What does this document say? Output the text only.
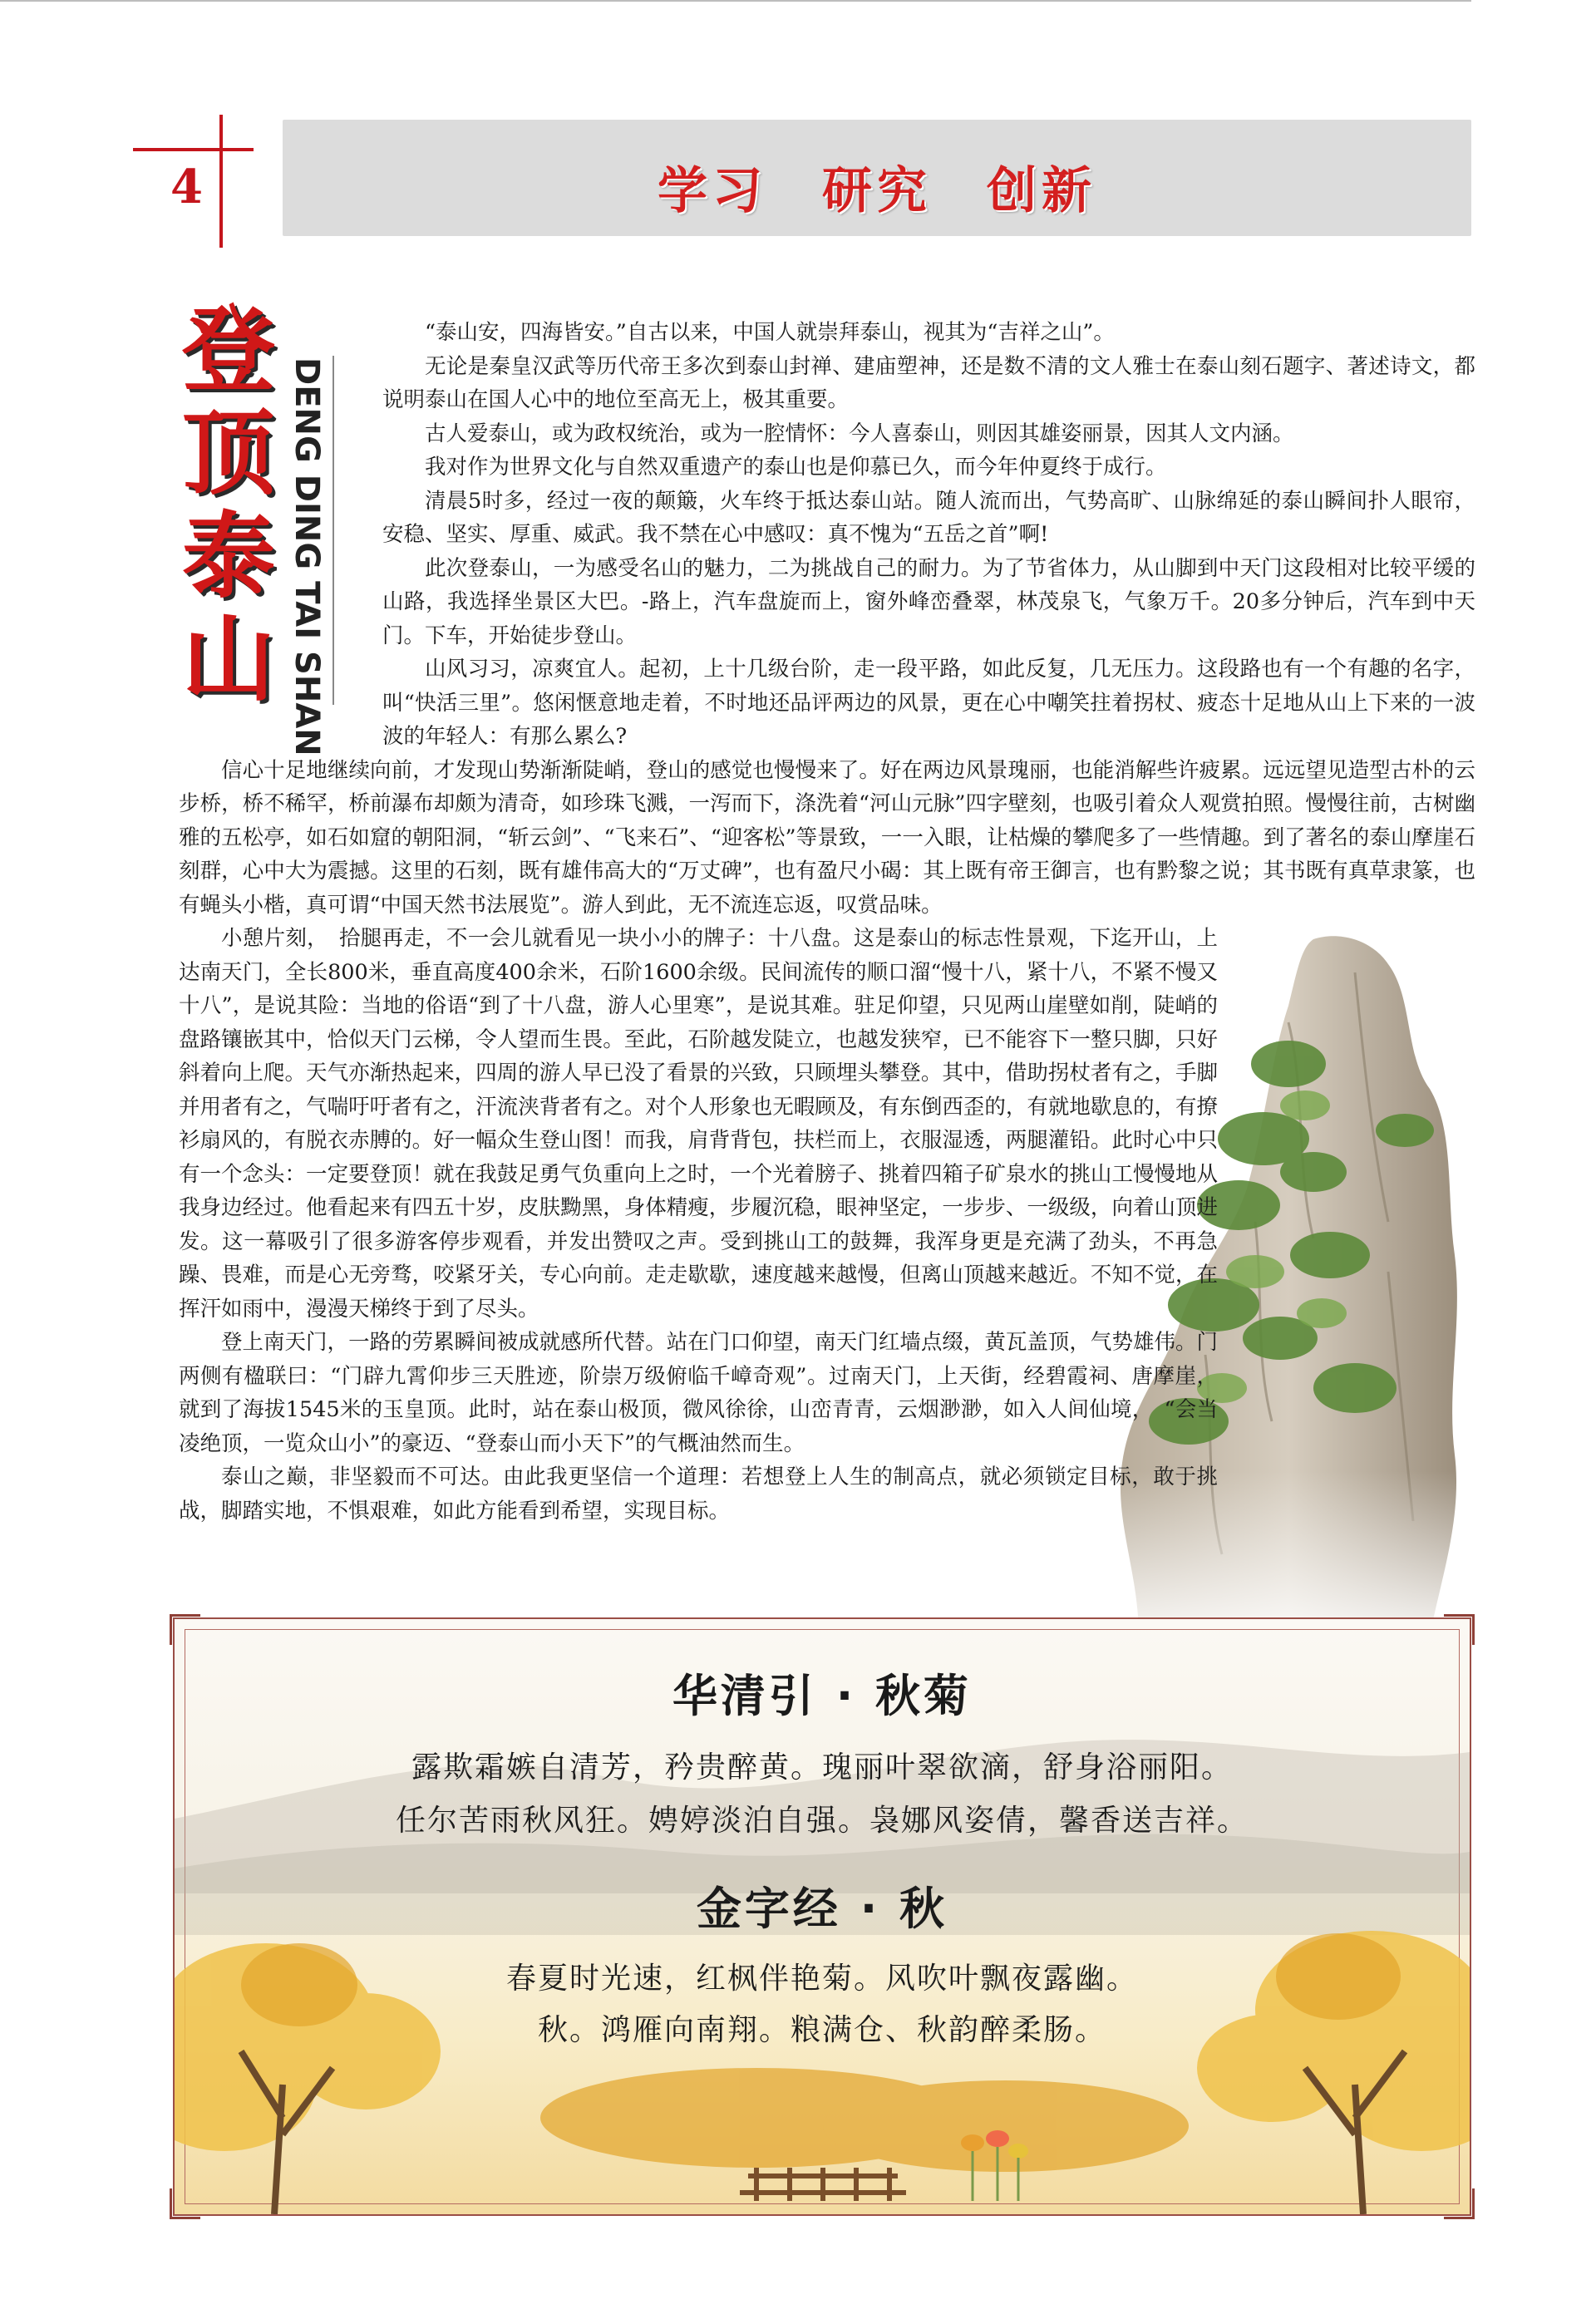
4	学习　研究　创新
登
顶
泰
山 DENG DING TAI SHAN

“泰山安，四海皆安。”自古以来，中国人就崇拜泰山，视其为“吉祥之山”。

无论是秦皇汉武等历代帝王多次到泰山封禅、建庙塑神，还是数不清的文人雅士在泰山刻石题字、著述诗文，都说明泰山在国人心中的地位至高无上，极其重要。

古人爱泰山，或为政权统治，或为一腔情怀：今人喜泰山，则因其雄姿丽景，因其人文内涵。

我对作为世界文化与自然双重遗产的泰山也是仰慕已久，而今年仲夏终于成行。

清晨5时多，经过一夜的颠簸，火车终于抵达泰山站。随人流而出，气势高旷、山脉绵延的泰山瞬间扑人眼帘，安稳、坚实、厚重、威武。我不禁在心中感叹：真不愧为“五岳之首”啊!

此次登泰山，一为感受名山的魅力，二为挑战自己的耐力。为了节省体力，从山脚到中天门这段相对比较平缓的山路，我选择坐景区大巴。-路上，汽车盘旋而上，窗外峰峦叠翠，林茂泉飞，气象万千。20多分钟后，汽车到中天门。下车，开始徒步登山。

山风习习，凉爽宜人。起初，上十几级台阶，走一段平路，如此反复，几无压力。这段路也有一个有趣的名字，叫“快活三里”。悠闲惬意地走着，不时地还品评两边的风景，更在心中嘲笑拄着拐杖、疲态十足地从山上下来的一波波的年轻人：有那么累么?

信心十足地继续向前，才发现山势渐渐陡峭，登山的感觉也慢慢来了。好在两边风景瑰丽，也能消解些许疲累。远远望见造型古朴的云步桥，桥不稀罕，桥前瀑布却颇为清奇，如珍珠飞溅，一泻而下，涤洗着“河山元脉”四字壁刻，也吸引着众人观赏拍照。慢慢往前，古树幽雅的五松亭，如石如窟的朝阳洞，“斩云剑”、“飞来石”、“迎客松”等景致，一一入眼，让枯燥的攀爬多了一些情趣。到了著名的泰山摩崖石刻群，心中大为震撼。这里的石刻，既有雄伟高大的“万丈碑”，也有盈尺小碣：其上既有帝王御言，也有黔黎之说；其书既有真草隶篆，也有蝇头小楷，真可谓“中国天然书法展览”。游人到此，无不流连忘返，叹赏品味。

小憩片刻，　拾腿再走，不一会儿就看见一块小小的牌子：十八盘。这是泰山的标志性景观，下迄开山，上达南天门，全长800米，垂直高度400余米，石阶1600余级。民间流传的顺口溜“慢十八，紧十八，不紧不慢又十八”，是说其险：当地的俗语“到了十八盘，游人心里寒”，是说其难。驻足仰望，只见两山崖壁如削，陡峭的盘路镶嵌其中，恰似天门云梯，令人望而生畏。至此，石阶越发陡立，也越发狭窄，已不能容下一整只脚，只好斜着向上爬。天气亦渐热起来，四周的游人早已没了看景的兴致，只顾埋头攀登。其中，借助拐杖者有之，手脚并用者有之，气喘吁吁者有之，汗流浃背者有之。对个人形象也无暇顾及，有东倒西歪的，有就地歇息的，有撩衫扇风的，有脱衣赤膊的。好一幅众生登山图！而我，肩背背包，扶栏而上，衣服湿透，两腿灌铅。此时心中只有一个念头：一定要登顶！就在我鼓足勇气负重向上之时，一个光着膀子、挑着四箱子矿泉水的挑山工慢慢地从我身边经过。他看起来有四五十岁，皮肤黝黑，身体精瘦，步履沉稳，眼神坚定，一步步、一级级，向着山顶进发。这一幕吸引了很多游客停步观看，并发出赞叹之声。受到挑山工的鼓舞，我浑身更是充满了劲头，不再急躁、畏难，而是心无旁骛，咬紧牙关，专心向前。走走歇歇，速度越来越慢，但离山顶越来越近。不知不觉，在挥汗如雨中，漫漫天梯终于到了尽头。

登上南天门，一路的劳累瞬间被成就感所代替。站在门口仰望，南天门红墙点缀，黄瓦盖顶，气势雄伟。门两侧有楹联曰：“门辟九霄仰步三天胜迹，阶崇万级俯临千嶂奇观”。过南天门，上天街，经碧霞祠、唐摩崖，就到了海拔1545米的玉皇顶。此时，站在泰山极顶，微风徐徐，山峦青青，云烟渺渺，如入人间仙境，　“会当凌绝顶，一览众山小”的豪迈、“登泰山而小天下”的气概油然而生。

泰山之巅，非坚毅而不可达。由此我更坚信一个道理：若想登上人生的制高点，就必须锁定目标，敢于挑战，脚踏实地，不惧艰难，如此方能看到希望，实现目标。

华清引 · 秋菊
露欺霜嫉自清芳，矜贵醉黄。瑰丽叶翠欲滴，舒身浴丽阳。
任尔苦雨秋风狂。娉婷淡泊自强。袅娜风姿倩，馨香送吉祥。
金字经 · 秋
春夏时光速，红枫伴艳菊。风吹叶飘夜露幽。
秋。鸿雁向南翔。粮满仓、秋韵醉柔肠。
